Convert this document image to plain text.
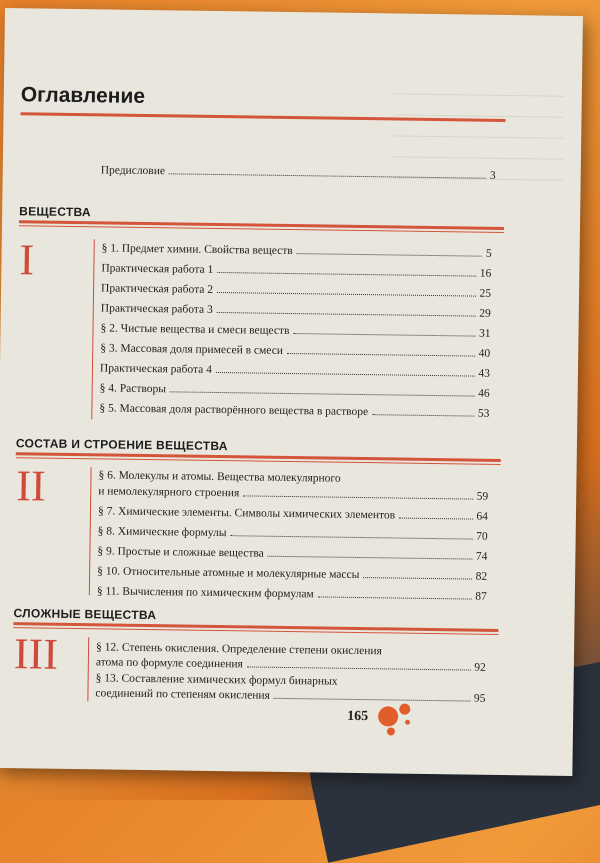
Оглавление
Предисловие	3
ВЕЩЕСТВА
I	§ 1. Предмет химии. Свойства веществ	5
Практическая работа 1	16
Практическая работа 2	25
Практическая работа 3	29
§ 2. Чистые вещества и смеси веществ	31
§ 3. Массовая доля примесей в смеси	40
Практическая работа 4	43
§ 4. Растворы	46
§ 5. Массовая доля растворённого вещества в растворе	53
СОСТАВ И СТРОЕНИЕ ВЕЩЕСТВА
II	§ 6. Молекулы и атомы. Вещества молекулярного
и немолекулярного строения	59
§ 7. Химические элементы. Символы химических элементов	64
§ 8. Химические формулы	70
§ 9. Простые и сложные вещества	74
§ 10. Относительные атомные и молекулярные массы	82
§ 11. Вычисления по химическим формулам	87
СЛОЖНЫЕ ВЕЩЕСТВА
III	§ 12. Степень окисления. Определение степени окисления
атома по формуле соединения	92
§ 13. Составление химических формул бинарных
соединений по степеням окисления	95
165
